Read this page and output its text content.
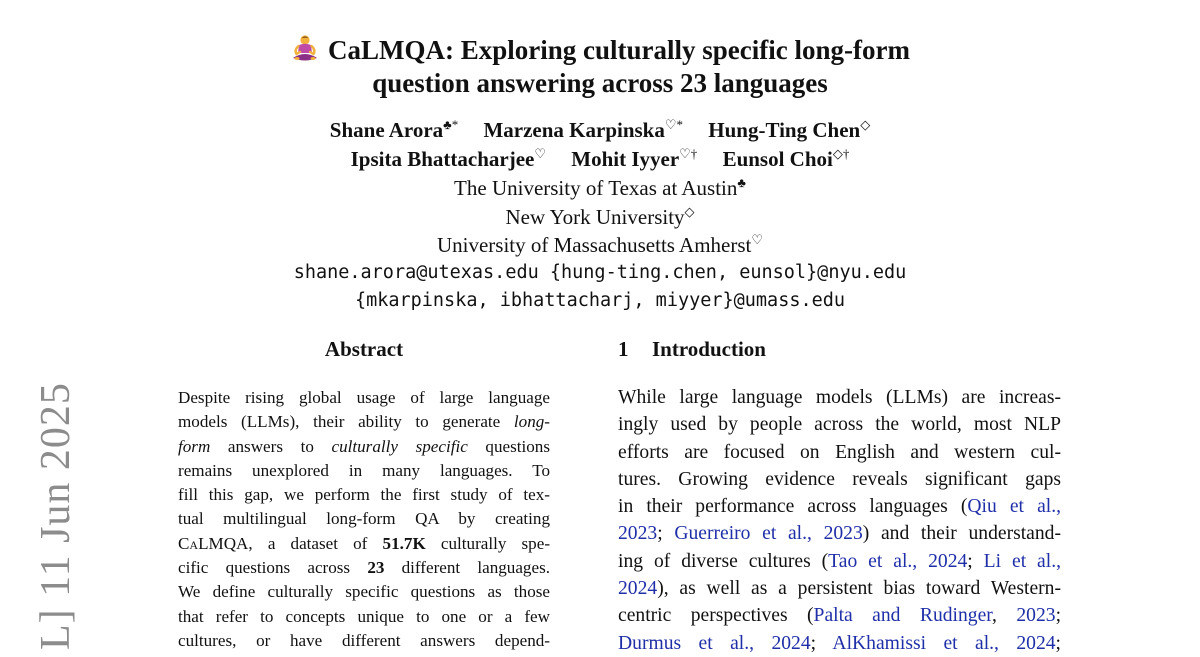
L] 11 Jun 2025
CaLMQA: Exploring culturally specific long-form
question answering across 23 languages
Shane Arora♣* Marzena Karpinska♡* Hung-Ting Chen◇
Ipsita Bhattacharjee♡ Mohit Iyyer♡† Eunsol Choi◇†
The University of Texas at Austin♣
New York University◇
University of Massachusetts Amherst♡
shane.arora@utexas.edu {hung-ting.chen, eunsol}@nyu.edu
{mkarpinska, ibhattacharj, miyyer}@umass.edu
Abstract
Despite rising global usage of large language
models (LLMs), their ability to generate long-
form answers to culturally specific questions
remains unexplored in many languages. To
fill this gap, we perform the first study of tex-
tual multilingual long-form QA by creating
CaLMQA, a dataset of 51.7K culturally spe-
cific questions across 23 different languages.
We define culturally specific questions as those
that refer to concepts unique to one or a few
cultures, or have different answers depend-
1 Introduction
While large language models (LLMs) are increas-
ingly used by people across the world, most NLP
efforts are focused on English and western cul-
tures. Growing evidence reveals significant gaps
in their performance across languages (Qiu et al.,
2023; Guerreiro et al., 2023) and their understand-
ing of diverse cultures (Tao et al., 2024; Li et al.,
2024), as well as a persistent bias toward Western-
centric perspectives (Palta and Rudinger, 2023;
Durmus et al., 2024; AlKhamissi et al., 2024;
